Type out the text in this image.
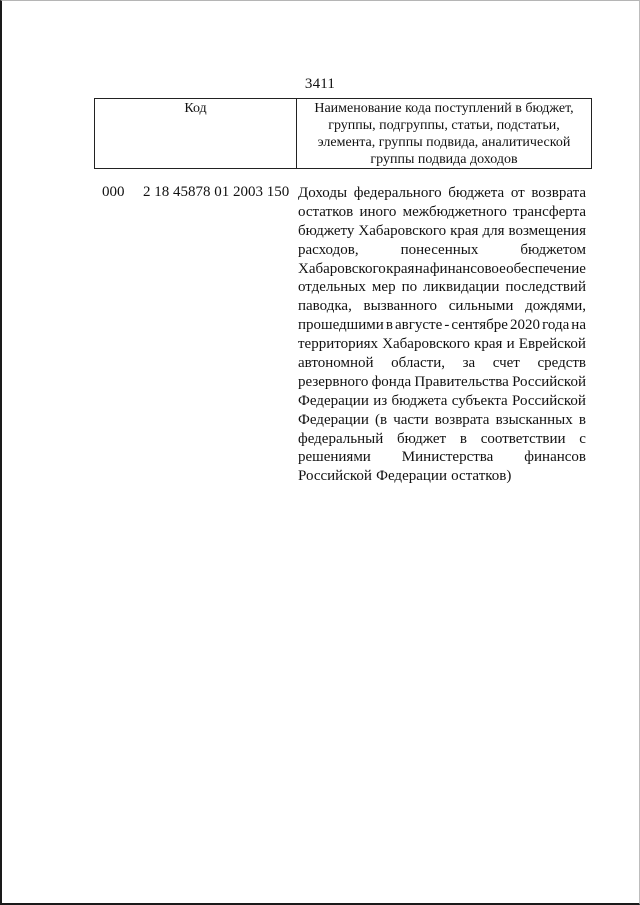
3411
Код	Наименование кода поступлений в бюджет,
группы, подгруппы, статьи, подстатьи,
элемента, группы подвида, аналитической
группы подвида доходов
000 2 18 45878 01 2003 150 Доходы федерального бюджета от возврата
остатков иного межбюджетного трансферта
бюджету Хабаровского края для возмещения
расходов,	понесенных	бюджетом
Хабаровского края на финансовое обеспечение
отдельных мер по ликвидации последствий
паводка, вызванного сильными дождями,
прошедшими в августе - сентябре 2020 года на
территориях Хабаровского края и Еврейской
автономной области, за счет средств
резервного фонда Правительства Российской
Федерации из бюджета субъекта Российской
Федерации (в части возврата взысканных в
федеральный бюджет в соответствии с
решениями Министерства финансов
Российской Федерации остатков)
